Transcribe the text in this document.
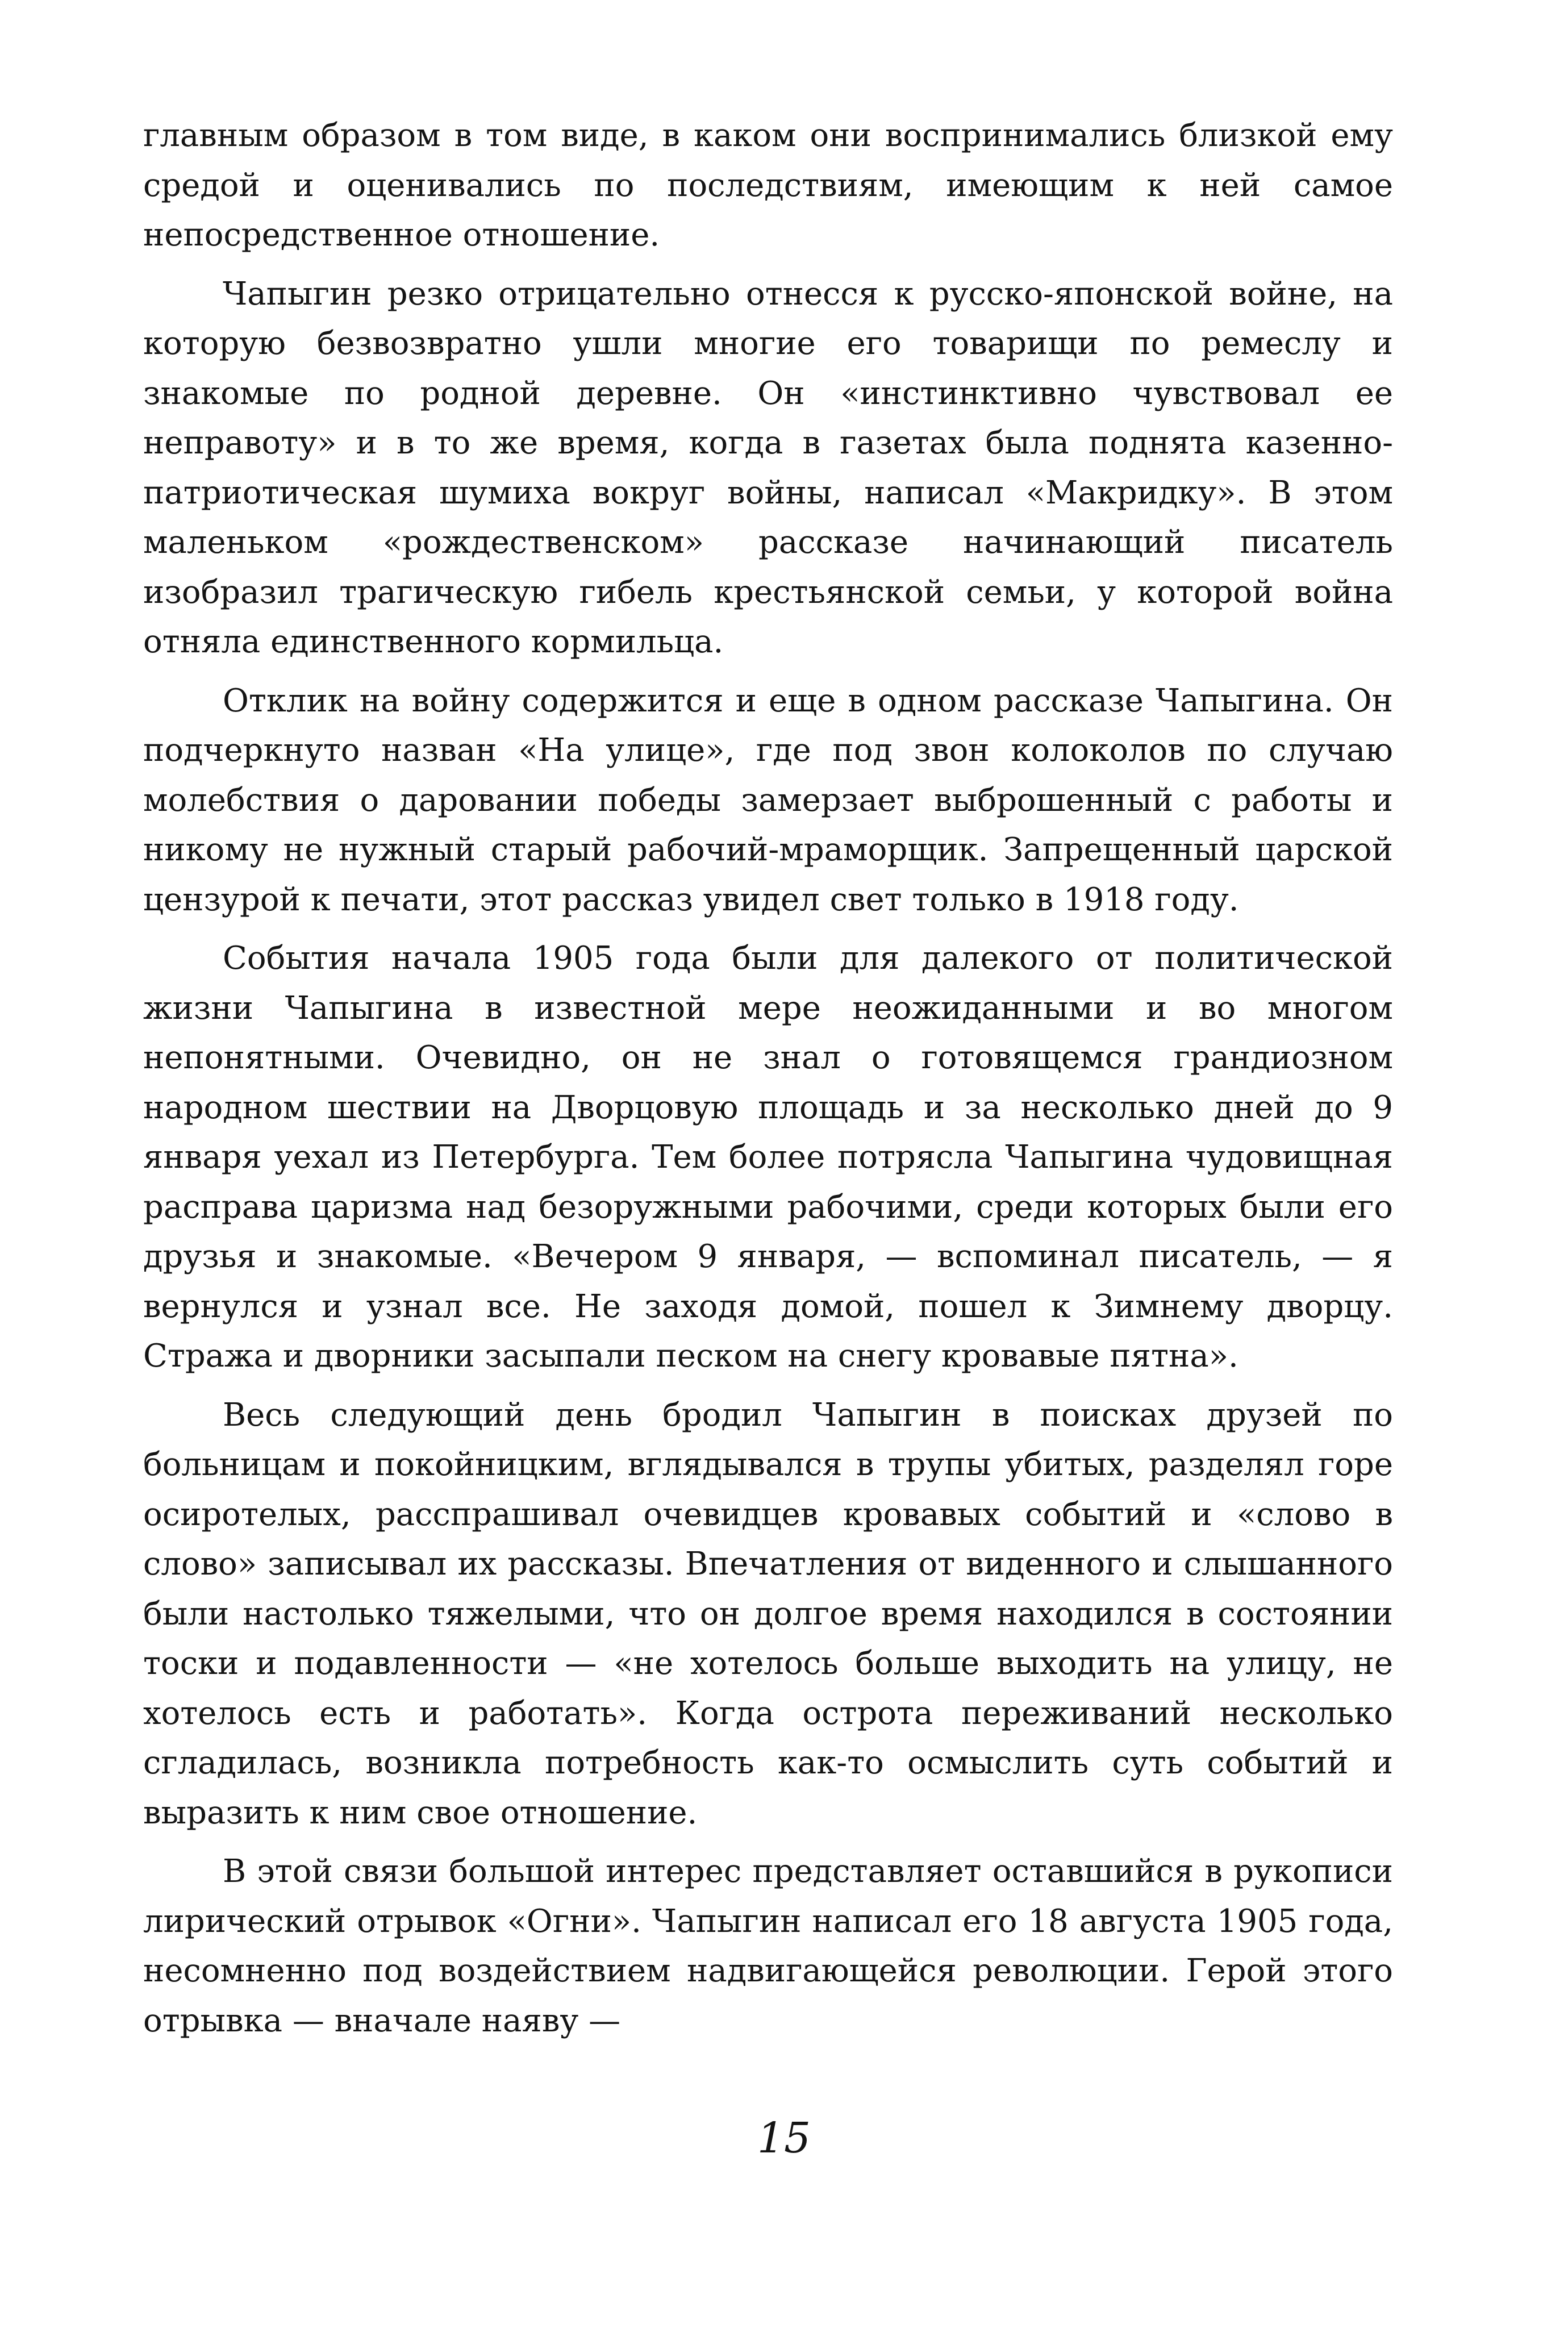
главным образом в том виде, в каком они воспринимались близкой ему средой и оценивались по последствиям, имеющим к ней самое непосредственное отношение.

Чапыгин резко отрицательно отнесся к русско-японской войне, на которую безвозвратно ушли многие его товарищи по ремеслу и знакомые по родной деревне. Он «инстинктивно чувствовал ее неправоту» и в то же время, когда в газетах была поднята казенно-патриотическая шумиха вокруг войны, написал «Макридку». В этом маленьком «рождественском» рассказе начинающий писатель изобразил трагическую гибель крестьянской семьи, у которой война отняла единственного кормильца.

Отклик на войну содержится и еще в одном рассказе Чапыгина. Он подчеркнуто назван «На улице», где под звон колоколов по случаю молебствия о даровании победы замерзает выброшенный с работы и никому не нужный старый рабочий-мраморщик. Запрещенный царской цензурой к печати, этот рассказ увидел свет только в 1918 году.

События начала 1905 года были для далекого от политической жизни Чапыгина в известной мере неожиданными и во многом непонятными. Очевидно, он не знал о готовящемся грандиозном народном шествии на Дворцовую площадь и за несколько дней до 9 января уехал из Петербурга. Тем более потрясла Чапыгина чудовищная расправа царизма над безоружными рабочими, среди которых были его друзья и знакомые. «Вечером 9 января, — вспоминал писатель, — я вернулся и узнал все. Не заходя домой, пошел к Зимнему дворцу. Стража и дворники засыпали песком на снегу кровавые пятна».

Весь следующий день бродил Чапыгин в поисках друзей по больницам и покойницким, вглядывался в трупы убитых, разделял горе осиротелых, расспрашивал очевидцев кровавых событий и «слово в слово» записывал их рассказы. Впечатления от виденного и слышанного были настолько тяжелыми, что он долгое время находился в состоянии тоски и подавленности — «не хотелось больше выходить на улицу, не хотелось есть и работать». Когда острота переживаний несколько сгладилась, возникла потребность как-то осмыслить суть событий и выразить к ним свое отношение.

В этой связи большой интерес представляет оставшийся в рукописи лирический отрывок «Огни». Чапыгин написал его 18 августа 1905 года, несомненно под воздействием надвигающейся революции. Герой этого отрывка — вначале наяву —

15
